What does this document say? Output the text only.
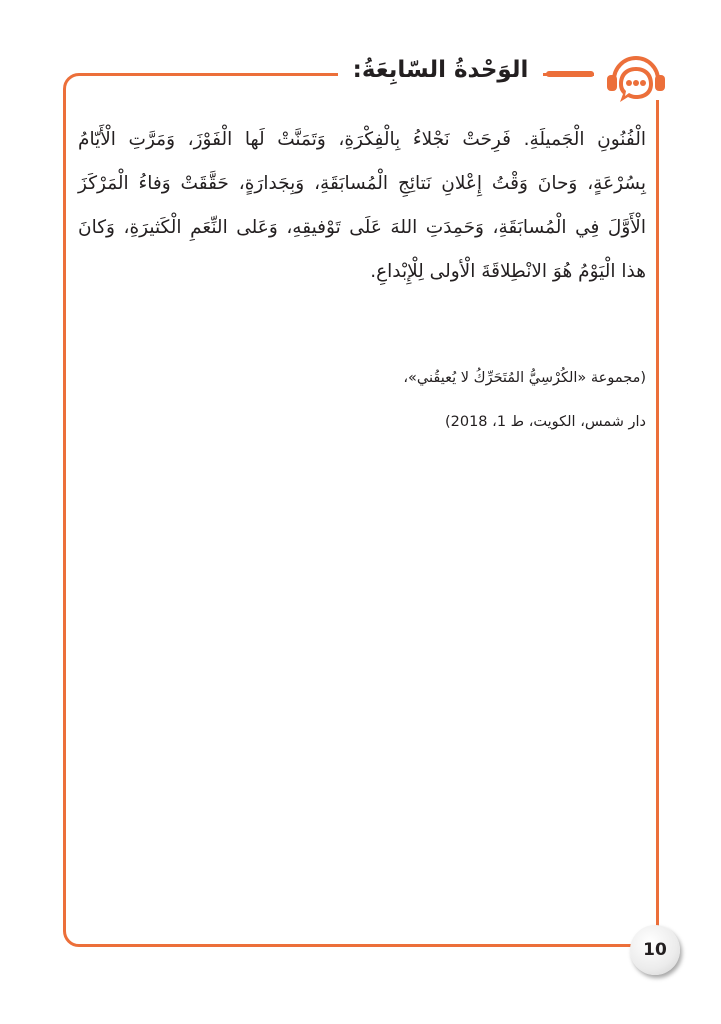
الوَحْدةُ السّابِعَةُ:

الْفُنُونِ الْجَميلَةِ. فَرِحَتْ نَجْلاءُ بِالْفِكْرَةِ، وَتَمَنَّتْ لَها الْفَوْزَ، وَمَرَّتِ الْأَيّامُ بِسُرْعَةٍ، وَحانَ وَقْتُ إِعْلانِ نَتائِجِ الْمُسابَقَةِ، وَبِجَدارَةٍ، حَقَّقَتْ وَفاءُ الْمَرْكَزَ الْأَوَّلَ فِي الْمُسابَقَةِ، وَحَمِدَتِ اللهَ عَلَى تَوْفيقِهِ، وَعَلى النِّعَمِ الْكَثيرَةِ، وَكانَ هذا الْيَوْمُ هُوَ الانْطِلاقَةَ الْأولى لِلْإِبْداعِ.

(مجموعة «الكُرْسِيُّ المُتَحَرِّكُ لا يُعيقُني»،
دار شمس، الكويت، ط 1، 2018)
10
